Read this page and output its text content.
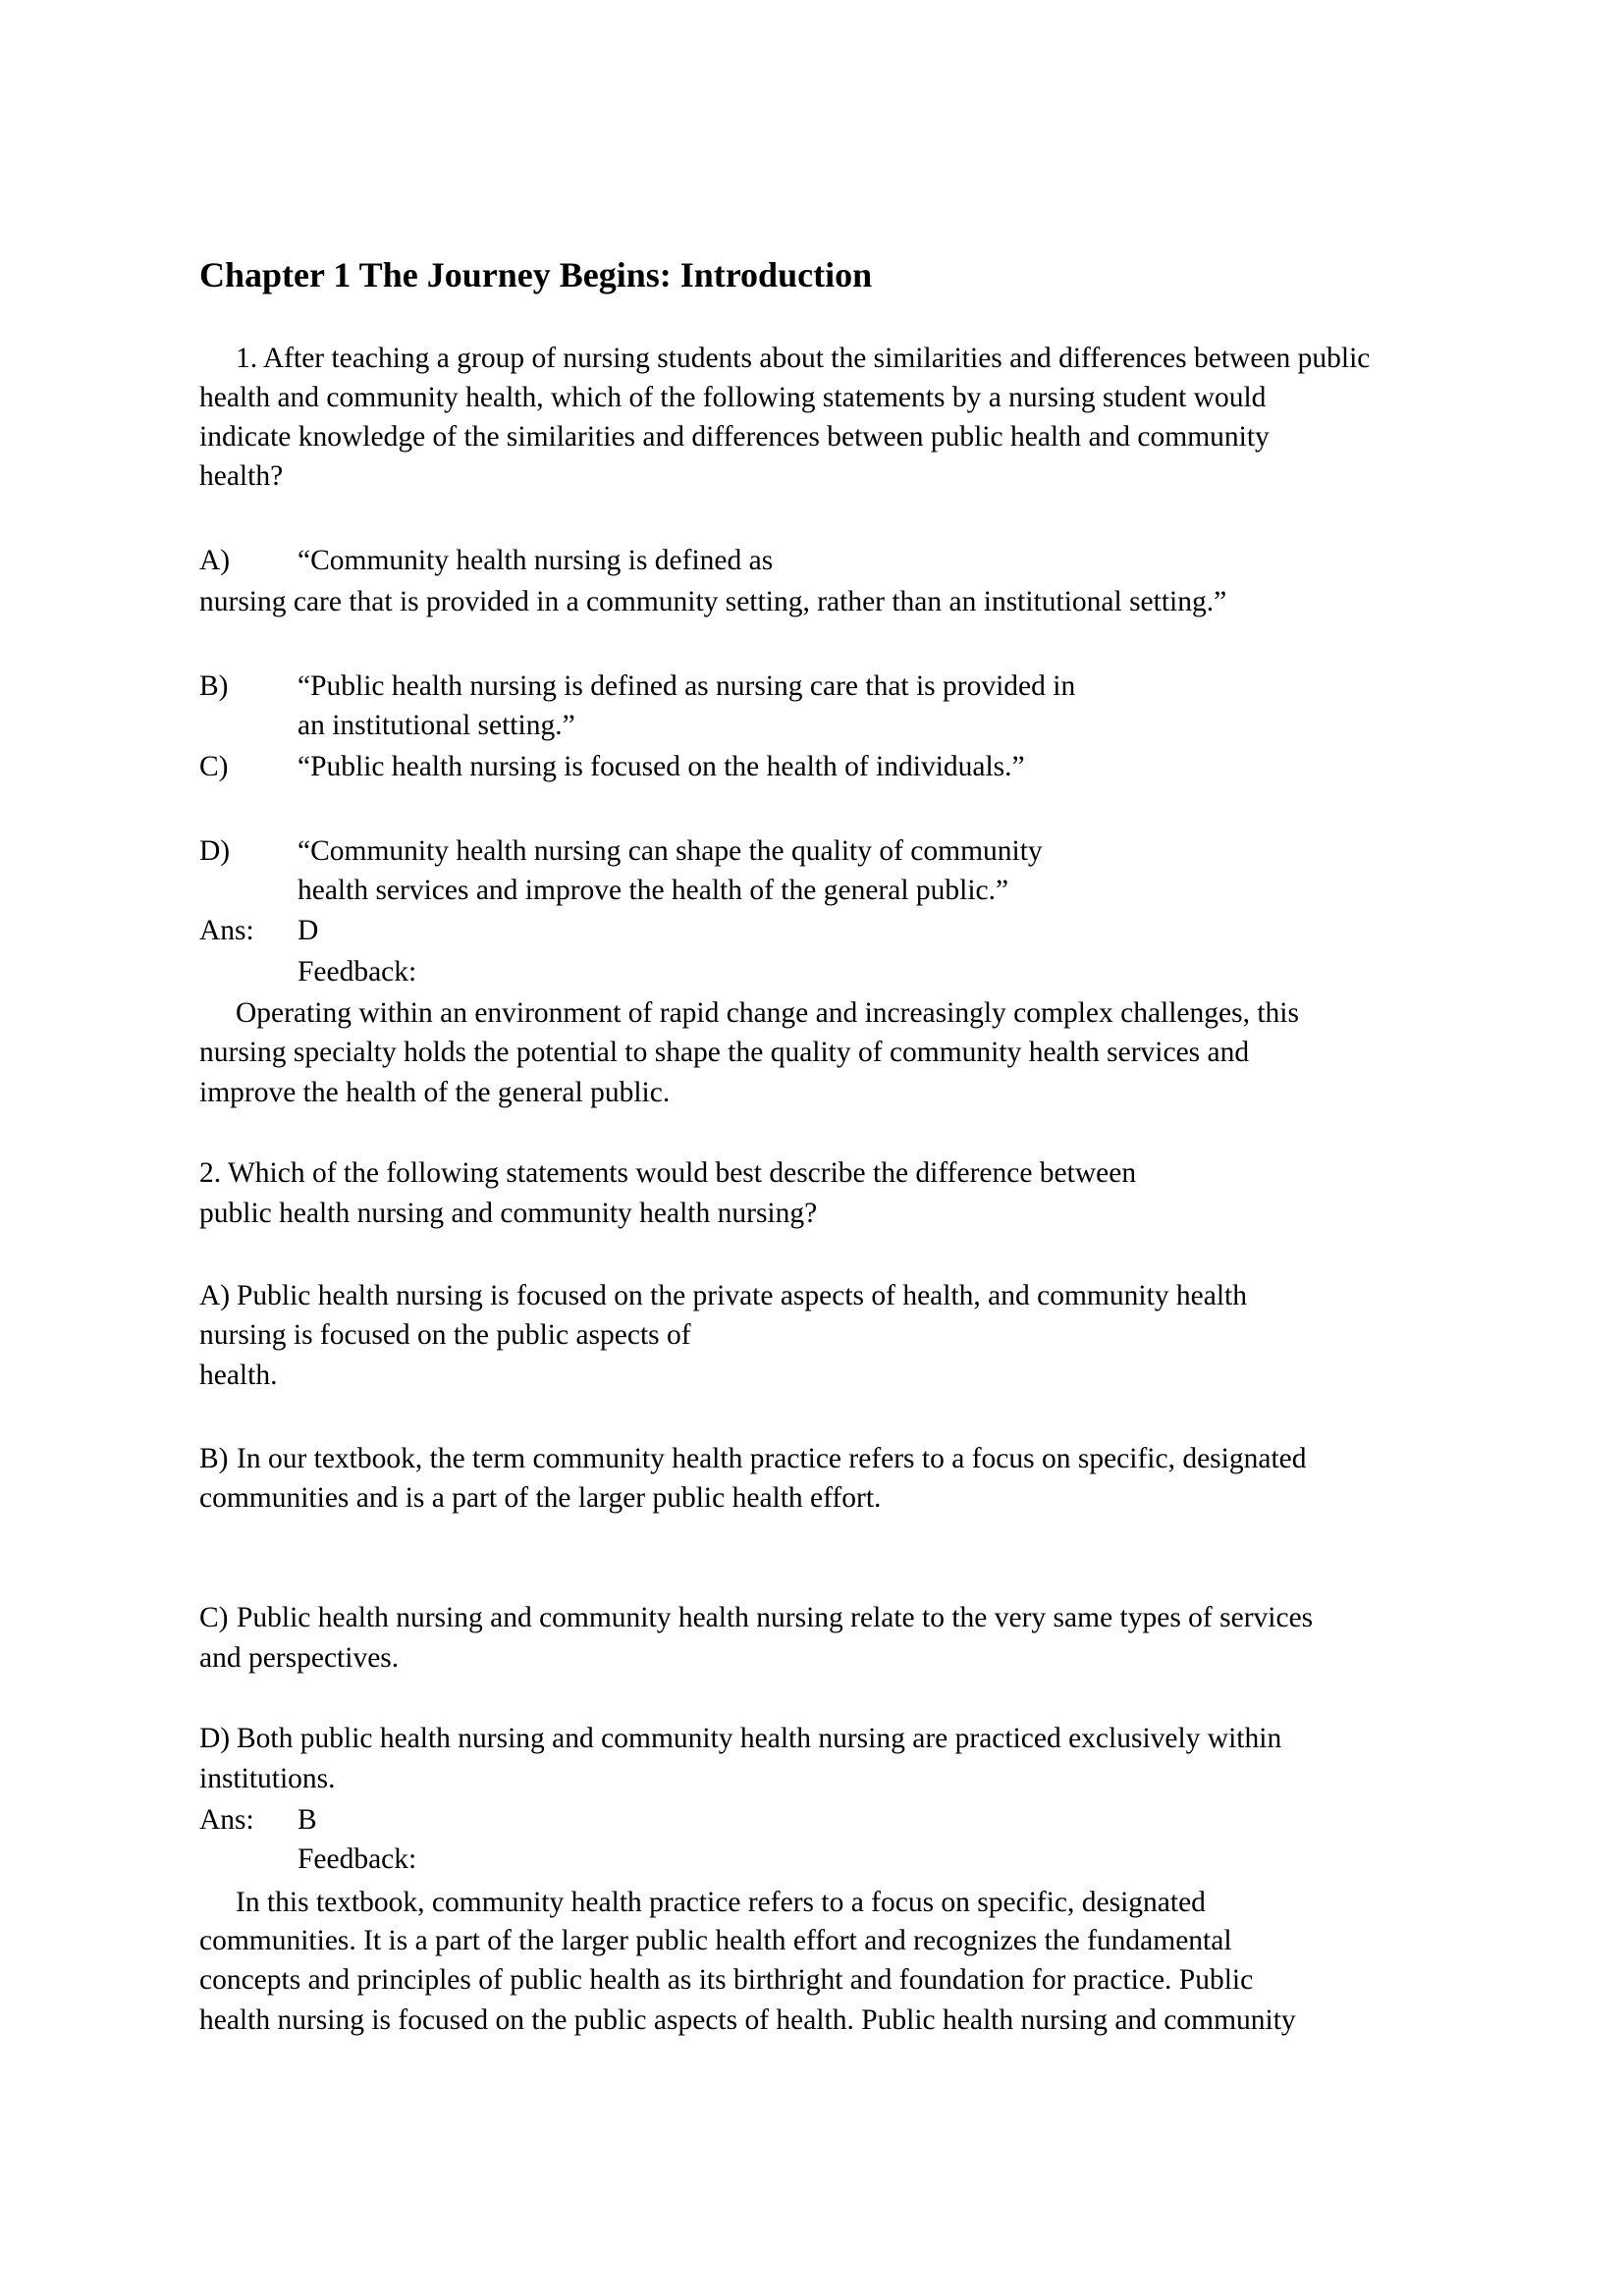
Chapter 1 The Journey Begins: Introduction
1. After teaching a group of nursing students about the similarities and differences between public
health and community health, which of the following statements by a nursing student would
indicate knowledge of the similarities and differences between public health and community
health?
A) “Community health nursing is defined as
nursing care that is provided in a community setting, rather than an institutional setting.”
B) “Public health nursing is defined as nursing care that is provided in
an institutional setting.”
C) “Public health nursing is focused on the health of individuals.”
D) “Community health nursing can shape the quality of community
health services and improve the health of the general public.”
Ans: D
Feedback:
Operating within an environment of rapid change and increasingly complex challenges, this
nursing specialty holds the potential to shape the quality of community health services and
improve the health of the general public.
2. Which of the following statements would best describe the difference between
public health nursing and community health nursing?
A) Public health nursing is focused on the private aspects of health, and community health
nursing is focused on the public aspects of
health.
B) In our textbook, the term community health practice refers to a focus on specific, designated
communities and is a part of the larger public health effort.
C) Public health nursing and community health nursing relate to the very same types of services
and perspectives.
D) Both public health nursing and community health nursing are practiced exclusively within
institutions.
Ans: B
Feedback:
In this textbook, community health practice refers to a focus on specific, designated
communities. It is a part of the larger public health effort and recognizes the fundamental
concepts and principles of public health as its birthright and foundation for practice. Public
health nursing is focused on the public aspects of health. Public health nursing and community
